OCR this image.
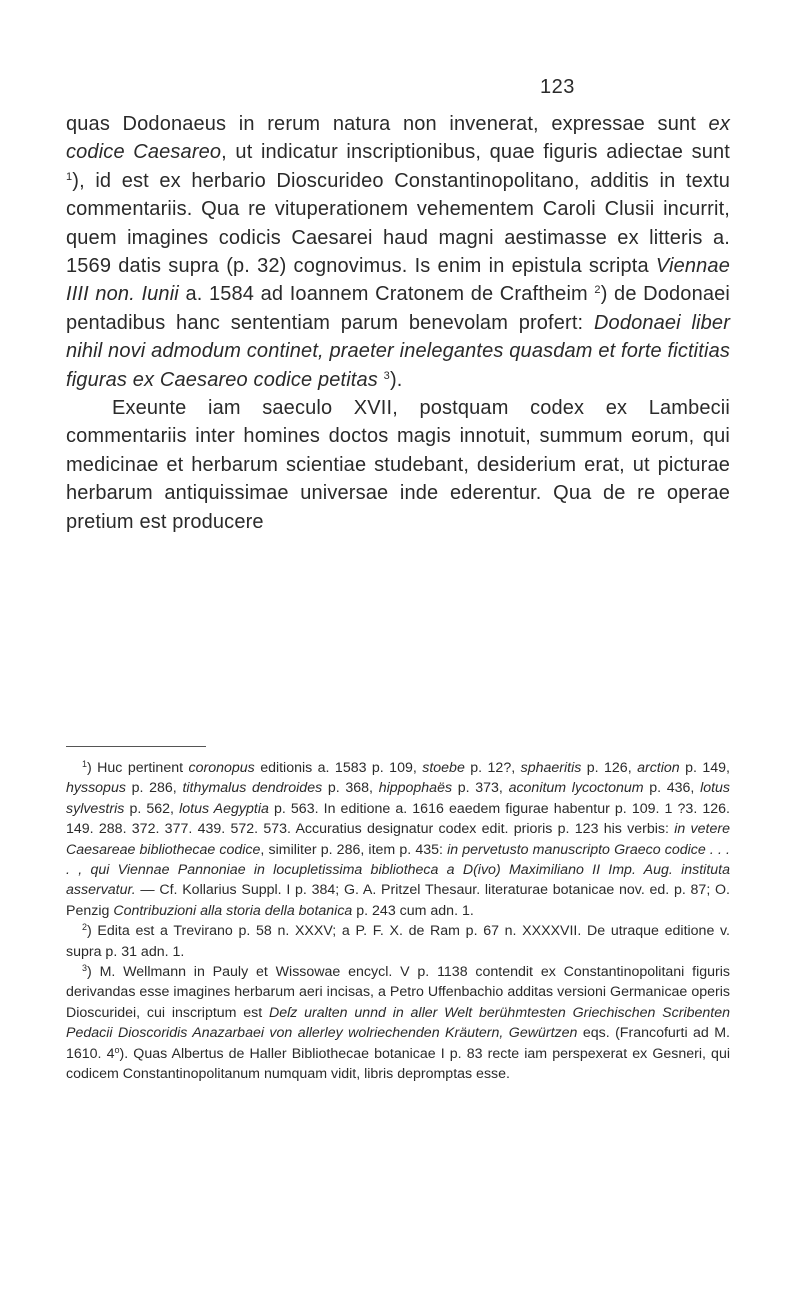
123

quas Dodonaeus in rerum natura non invenerat, expressae sunt ex codice Caesareo, ut indicatur inscriptionibus, quae figuris adiectae sunt $^1$), id est ex herbario Dioscurideo Constantinopolitano, additis in textu commentariis. Qua re vituperationem vehementem Caroli Clusii incurrit, quem imagines codicis Caesarei haud magni aestimasse ex litteris a. 1569 datis supra (p. 32) cognovimus. Is enim in epistula scripta Viennae IIII non. Iunii a. 1584 ad Ioannem Cratonem de Craftheim $^2$) de Dodonaei pentadibus hanc sententiam parum benevolam profert: Dodonaei liber nihil novi admodum continet, praeter inelegantes quasdam et forte fictitias figuras ex Caesareo codice petitas $^3$).

Exeunte iam saeculo XVII, postquam codex ex Lambecii commentariis inter homines doctos magis innotuit, summum eorum, qui medicinae et herbarum scientiae studebant, desiderium erat, ut picturae herbarum antiquissimae universae inde ederentur. Qua de re operae pretium est producere

$^1$) Huc pertinent coronopus editionis a. 1583 p. 109, stoebe p. 12?, sphaeritis p. 126, arction p. 149, hyssopus p. 286, tithymalus dendroides p. 368, hippophaës p. 373, aconitum lycoctonum p. 436, lotus sylvestris p. 562, lotus Aegyptia p. 563. In editione a. 1616 eaedem figurae habentur p. 109. 1 ?3. 126. 149. 288. 372. 377. 439. 572. 573. Accuratius designatur codex edit. prioris p. 123 his verbis: in vetere Caesareae bibliothecae codice, similiter p. 286, item p. 435: in pervetusto manuscripto Graeco codice . . . . , qui Viennae Pannoniae in locupletissima bibliotheca a D(ivo) Maximiliano II Imp. Aug. instituta asservatur. — Cf. Kollarius Suppl. I p. 384; G. A. Pritzel Thesaur. literaturae botanicae nov. ed. p. 87; O. Penzig Contribuzioni alla storia della botanica p. 243 cum adn. 1.

$^2$) Edita est a Trevirano p. 58 n. XXXV; a P. F. X. de Ram p. 67 n. XXXXVII. De utraque editione v. supra p. 31 adn. 1.

$^3$) M. Wellmann in Pauly et Wissowae encycl. V p. 1138 contendit ex Constantinopolitani figuris derivandas esse imagines herbarum aeri incisas, a Petro Uffenbachio additas versioni Germanicae operis Dioscuridei, cui inscriptum est Deſz uralten unnd in aller Welt berühmtesten Griechischen Scribenten Pedacii Dioscoridis Anazarbaei von allerley wolriechenden Kräutern, Gewürtzen eqs. (Francofurti ad M. 1610. 4$^o$). Quas Albertus de Haller Bibliothecae botanicae I p. 83 recte iam perspexerat ex Gesneri, qui codicem Constantinopolitanum numquam vidit, libris depromptas esse.
